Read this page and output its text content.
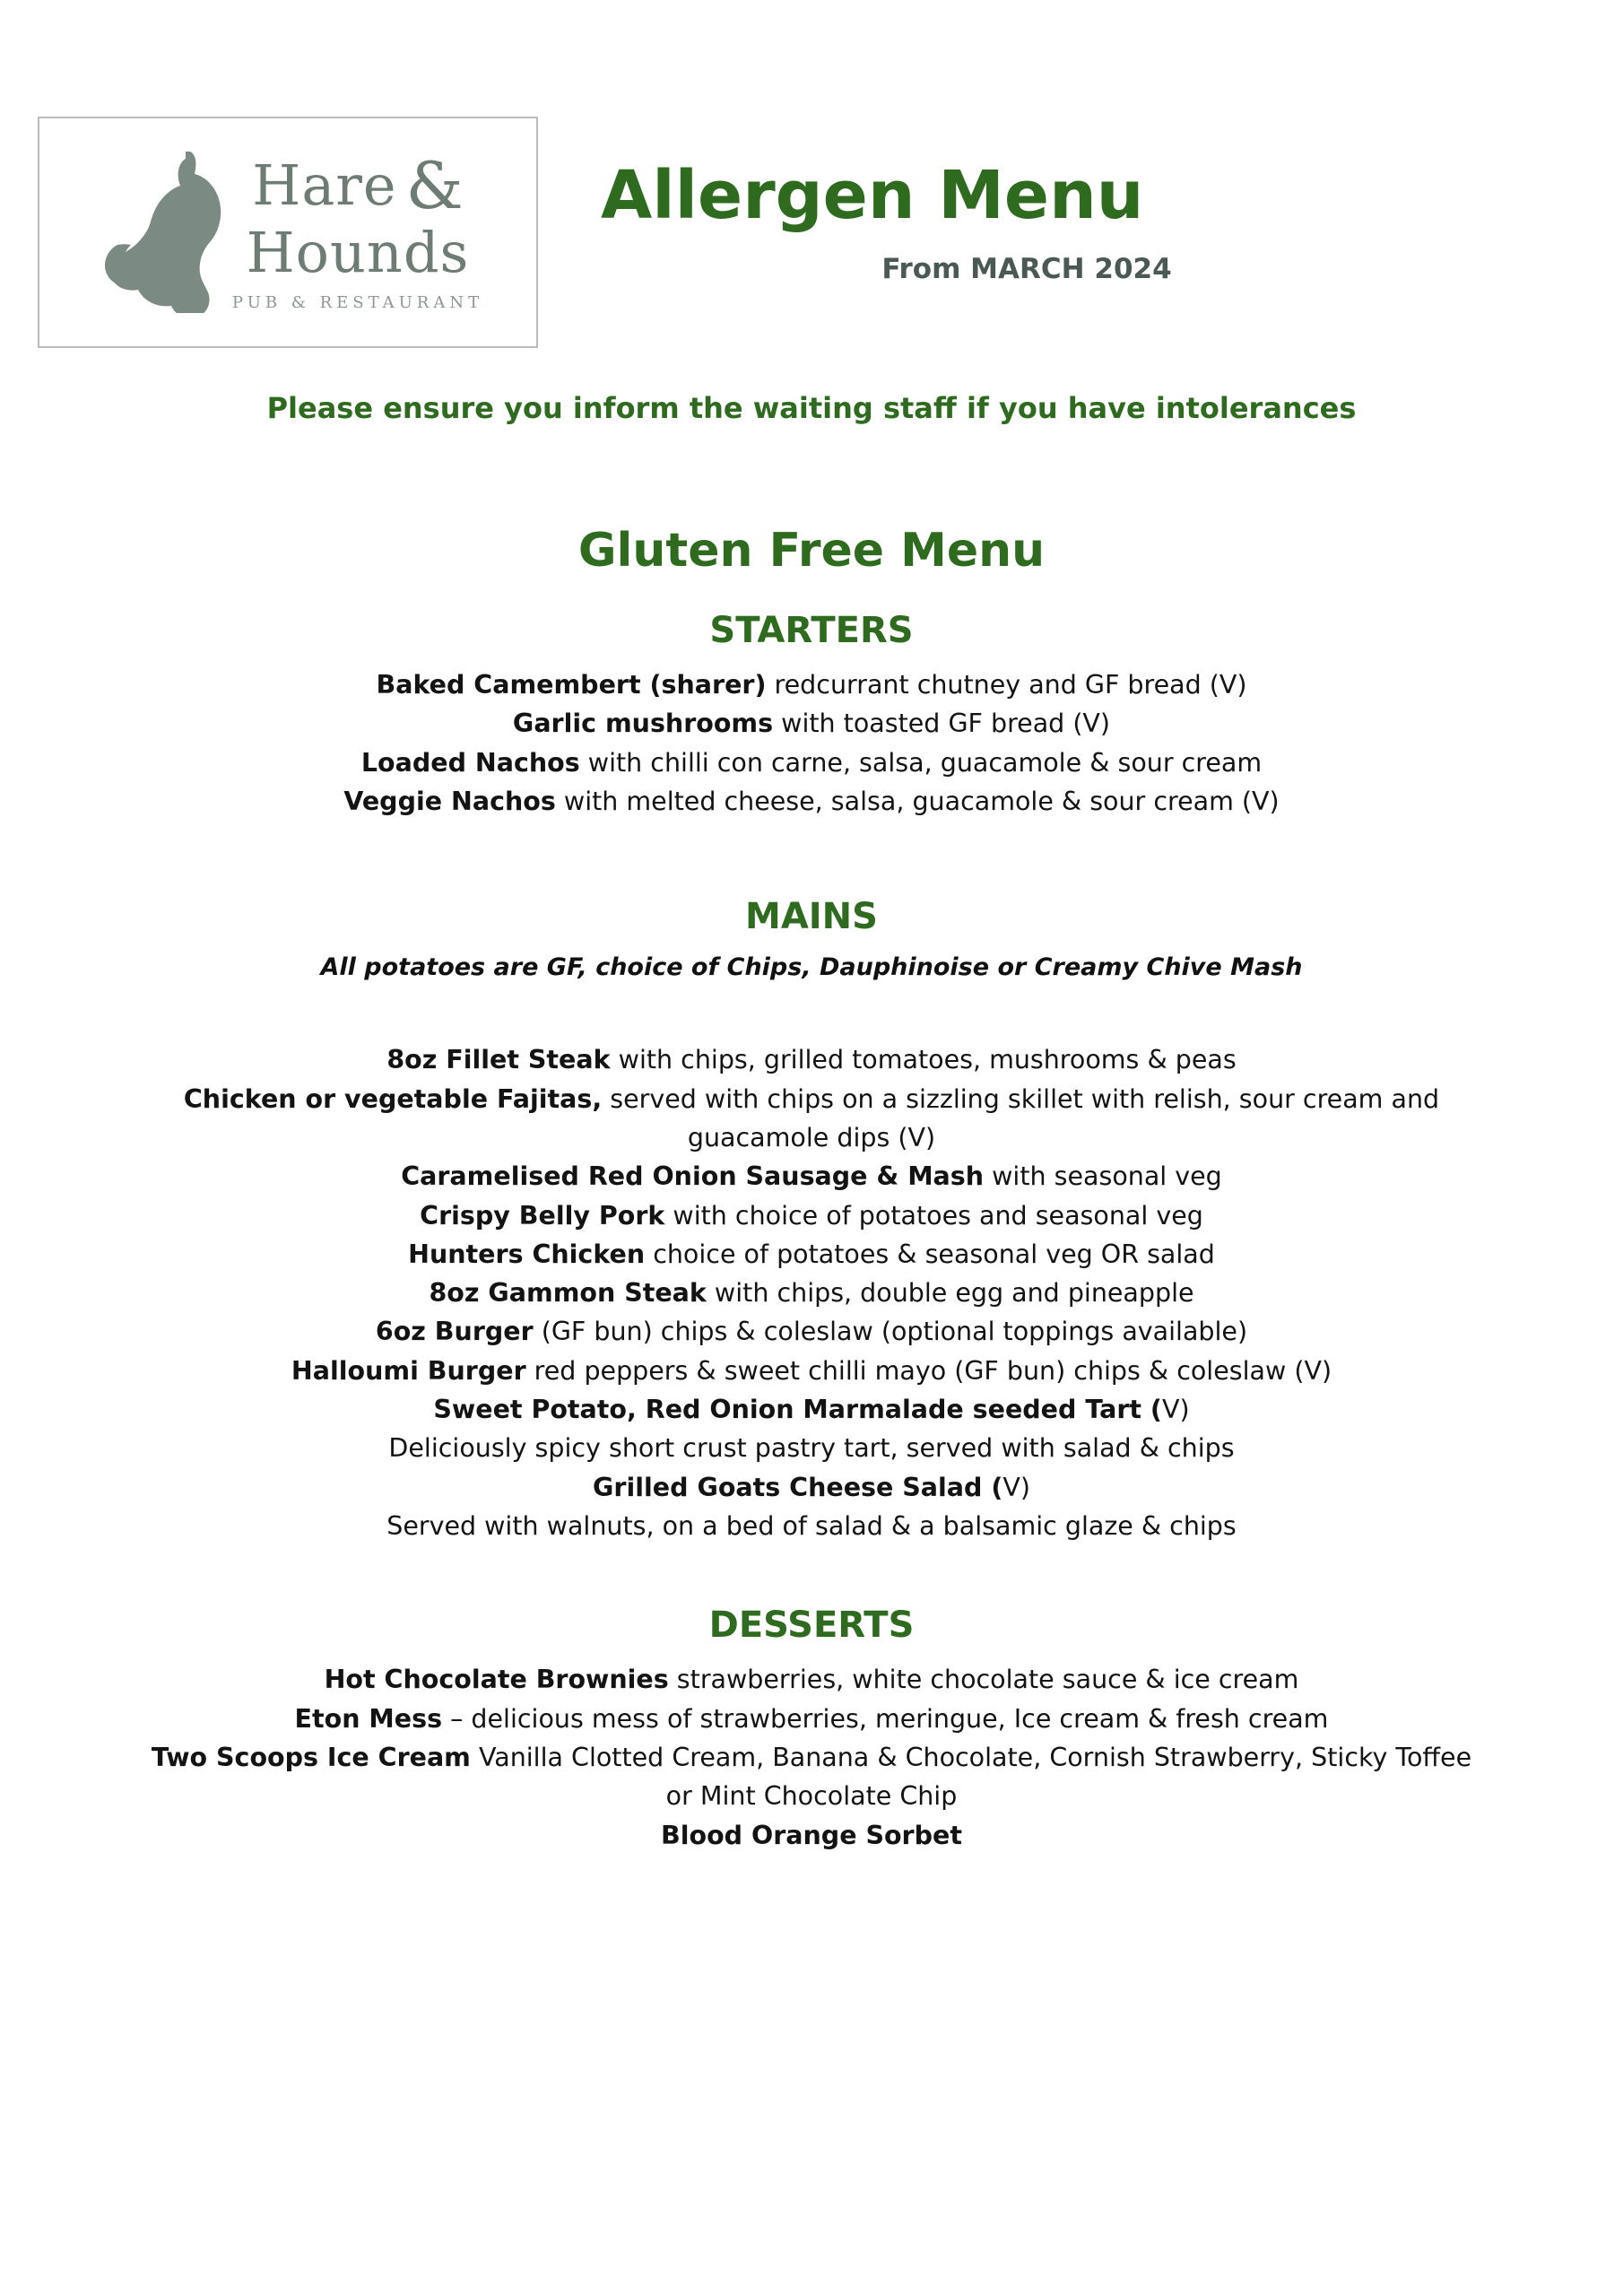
Hare &
Hounds
PUB & RESTAURANT
Allergen Menu
From MARCH 2024
Please ensure you inform the waiting staff if you have intolerances
Gluten Free Menu
STARTERS
Baked Camembert (sharer) redcurrant chutney and GF bread (V)
Garlic mushrooms with toasted GF bread (V)
Loaded Nachos with chilli con carne, salsa, guacamole & sour cream
Veggie Nachos with melted cheese, salsa, guacamole & sour cream (V)
MAINS
All potatoes are GF, choice of Chips, Dauphinoise or Creamy Chive Mash
8oz Fillet Steak with chips, grilled tomatoes, mushrooms & peas
Chicken or vegetable Fajitas, served with chips on a sizzling skillet with relish, sour cream and guacamole dips (V)
Caramelised Red Onion Sausage & Mash with seasonal veg
Crispy Belly Pork with choice of potatoes and seasonal veg
Hunters Chicken choice of potatoes & seasonal veg OR salad
8oz Gammon Steak with chips, double egg and pineapple
6oz Burger (GF bun) chips & coleslaw (optional toppings available)
Halloumi Burger red peppers & sweet chilli mayo (GF bun) chips & coleslaw (V)
Sweet Potato, Red Onion Marmalade seeded Tart (V)
Deliciously spicy short crust pastry tart, served with salad & chips
Grilled Goats Cheese Salad (V)
Served with walnuts, on a bed of salad & a balsamic glaze & chips
DESSERTS
Hot Chocolate Brownies strawberries, white chocolate sauce & ice cream
Eton Mess – delicious mess of strawberries, meringue, Ice cream & fresh cream
Two Scoops Ice Cream Vanilla Clotted Cream, Banana & Chocolate, Cornish Strawberry, Sticky Toffee or Mint Chocolate Chip
Blood Orange Sorbet
